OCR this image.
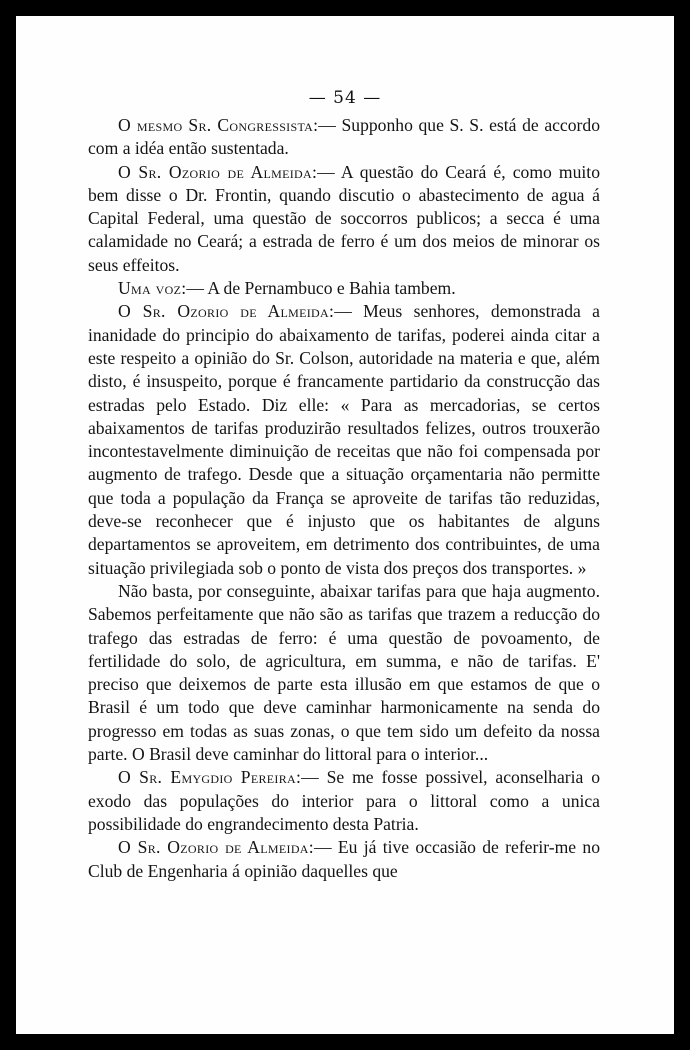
— 54 —

O mesmo Sr. Congressista:— Supponho que S. S. está de accordo com a idéa então sustentada.

O Sr. Ozorio de Almeida:— A questão do Ceará é, como muito bem disse o Dr. Frontin, quando discutio o abastecimento de agua á Capital Federal, uma questão de soccorros publicos; a secca é uma calamidade no Ceará; a estrada de ferro é um dos meios de minorar os seus effeitos.

Uma voz:— A de Pernambuco e Bahia tambem.

O Sr. Ozorio de Almeida:— Meus senhores, demonstrada a inanidade do principio do abaixamento de tarifas, poderei ainda citar a este respeito a opinião do Sr. Colson, autoridade na materia e que, além disto, é insuspeito, porque é francamente partidario da construcção das estradas pelo Estado. Diz elle: « Para as mercadorias, se certos abaixamentos de tarifas produzirão resultados felizes, outros trouxerão incontestavelmente diminuição de receitas que não foi compensada por augmento de trafego. Desde que a situação orçamentaria não permitte que toda a população da França se aproveite de tarifas tão reduzidas, deve-se reconhecer que é injusto que os habitantes de alguns departamentos se aproveitem, em detrimento dos contribuintes, de uma situação privilegiada sob o ponto de vista dos preços dos transportes. »

Não basta, por conseguinte, abaixar tarifas para que haja augmento. Sabemos perfeitamente que não são as tarifas que trazem a reducção do trafego das estradas de ferro: é uma questão de povoamento, de fertilidade do solo, de agricultura, em summa, e não de tarifas. E' preciso que deixemos de parte esta illusão em que estamos de que o Brasil é um todo que deve caminhar harmonicamente na senda do progresso em todas as suas zonas, o que tem sido um defeito da nossa parte. O Brasil deve caminhar do littoral para o interior...

O Sr. Emygdio Pereira:— Se me fosse possivel, aconselharia o exodo das populações do interior para o littoral como a unica possibilidade do engrandecimento desta Patria.

O Sr. Ozorio de Almeida:— Eu já tive occasião de referir-me no Club de Engenharia á opinião daquelles que
